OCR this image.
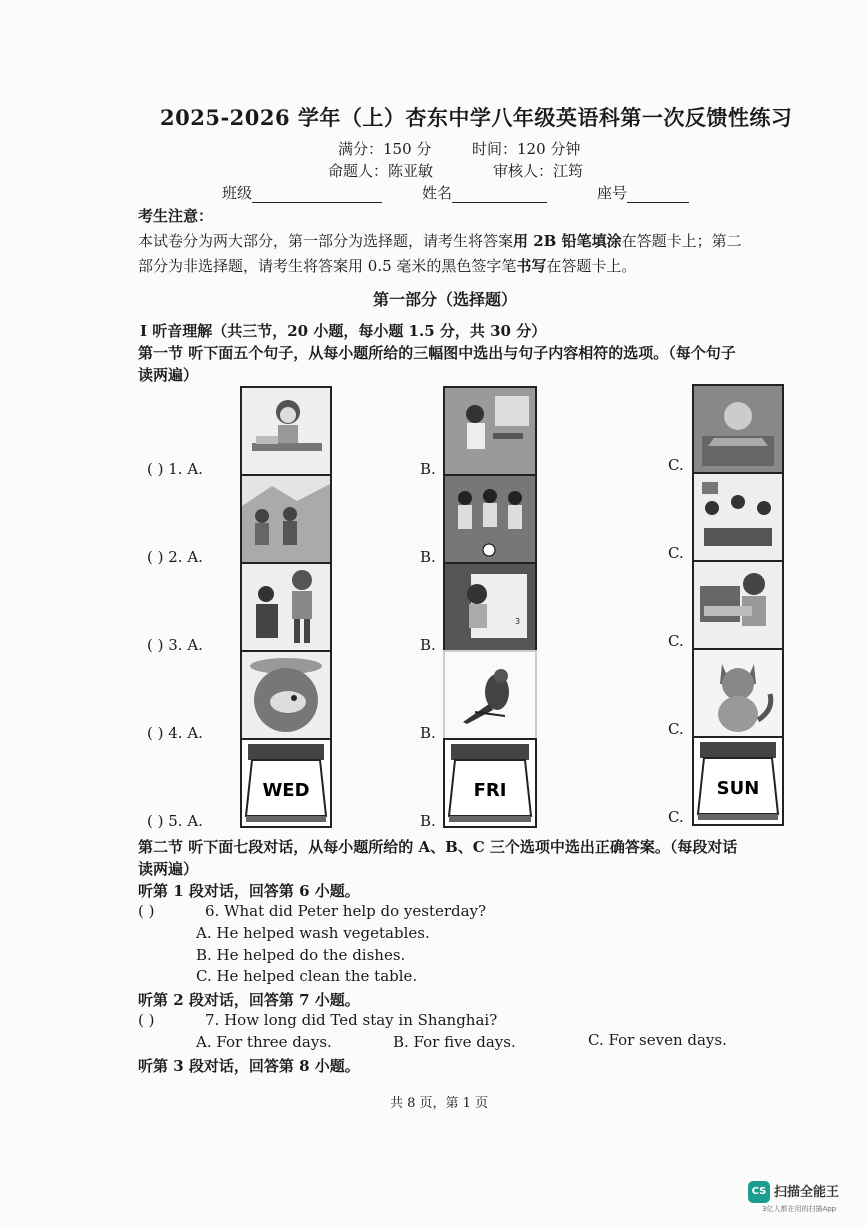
2025-2026 学年（上）杏东中学八年级英语科第一次反馈性练习
满分：150 分	时间：120 分钟
命题人：陈亚敏	审核人：江筠
班级	姓名	座号
考生注意：
本试卷分为两大部分，第一部分为选择题，请考生将答案用 2B 铅笔填涂在答题卡上；第二
部分为非选择题，请考生将答案用 0.5 毫米的黑色签字笔书写在答题卡上。
第一部分（选择题）
I 听音理解（共三节，20 小题，每小题 1.5 分，共 30 分）
第一节 听下面五个句子，从每小题所给的三幅图中选出与句子内容相符的选项。（每个句子
读两遍）
( ) 1. A.	B.	C.
( ) 2. A.	B.	C.
( ) 3. A.	B.	C.
( ) 4. A.	B.	C.
( ) 5. A.	B.	C.
WED
3
FRI	SUN
第二节 听下面七段对话，从每小题所给的 A、B、C 三个选项中选出正确答案。（每段对话
读两遍）
听第 1 段对话，回答第 6 小题。
( )	6. What did Peter help do yesterday?
A. He helped wash vegetables.
B. He helped do the dishes.
C. He helped clean the table.
听第 2 段对话，回答第 7 小题。
( )	7. How long did Ted stay in Shanghai?
A. For three days.	B. For five days.	C. For seven days.
听第 3 段对话，回答第 8 小题。
共 8 页，第 1 页
CS 扫描全能王
3亿人都在用的扫描App
